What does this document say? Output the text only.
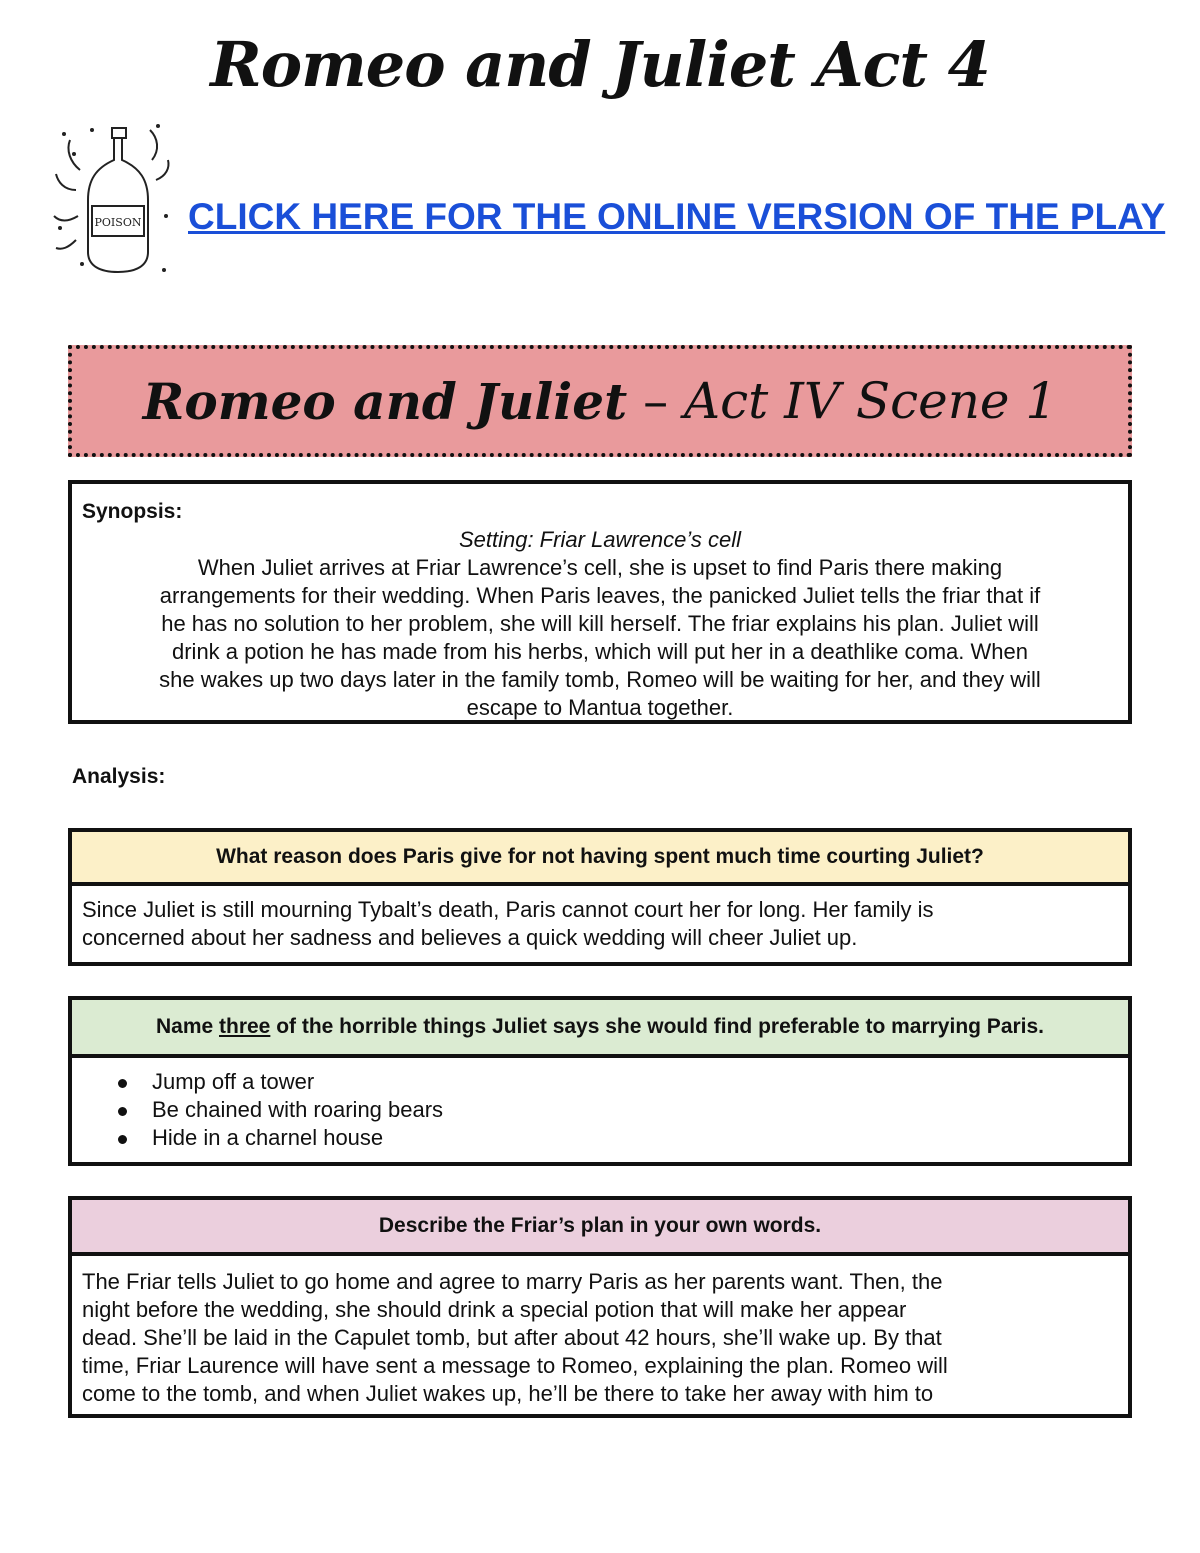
Romeo and Juliet Act 4
POISON CLICK HERE FOR THE ONLINE VERSION OF THE PLAY
Romeo and Juliet – Act IV Scene 1
Synopsis:
Setting: Friar Lawrence’s cell
When Juliet arrives at Friar Lawrence’s cell, she is upset to find Paris there making
arrangements for their wedding. When Paris leaves, the panicked Juliet tells the friar that if
he has no solution to her problem, she will kill herself. The friar explains his plan. Juliet will
drink a potion he has made from his herbs, which will put her in a deathlike coma. When
she wakes up two days later in the family tomb, Romeo will be waiting for her, and they will
escape to Mantua together.
Analysis:
What reason does Paris give for not having spent much time courting Juliet?
Since Juliet is still mourning Tybalt’s death, Paris cannot court her for long. Her family is
concerned about her sadness and believes a quick wedding will cheer Juliet up.
Name three of the horrible things Juliet says she would find preferable to marrying Paris.
Jump off a tower
Be chained with roaring bears
Hide in a charnel house
Describe the Friar’s plan in your own words.
The Friar tells Juliet to go home and agree to marry Paris as her parents want. Then, the
night before the wedding, she should drink a special potion that will make her appear
dead. She’ll be laid in the Capulet tomb, but after about 42 hours, she’ll wake up. By that
time, Friar Laurence will have sent a message to Romeo, explaining the plan. Romeo will
come to the tomb, and when Juliet wakes up, he’ll be there to take her away with him to
